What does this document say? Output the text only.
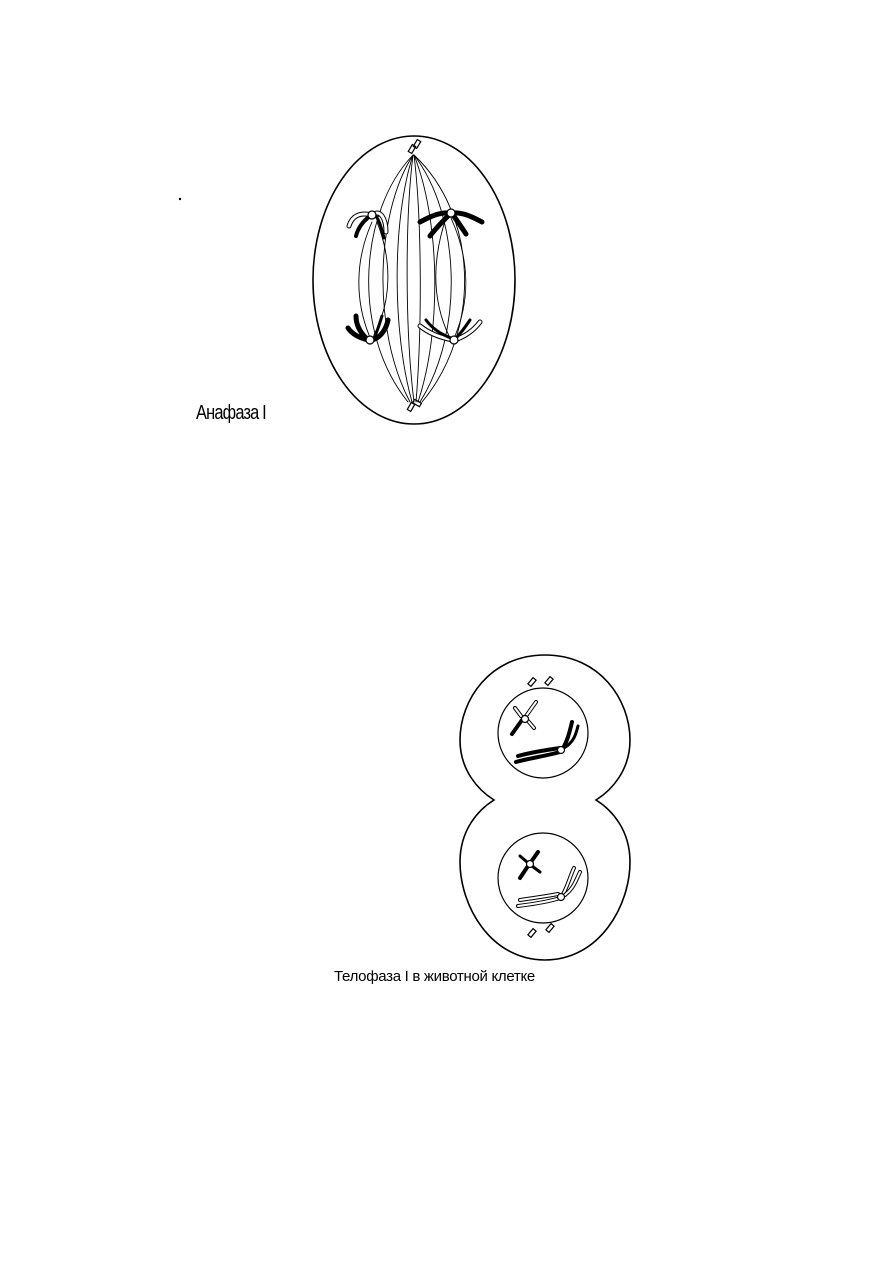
Анафаза I
Телофаза I в животной клетке
